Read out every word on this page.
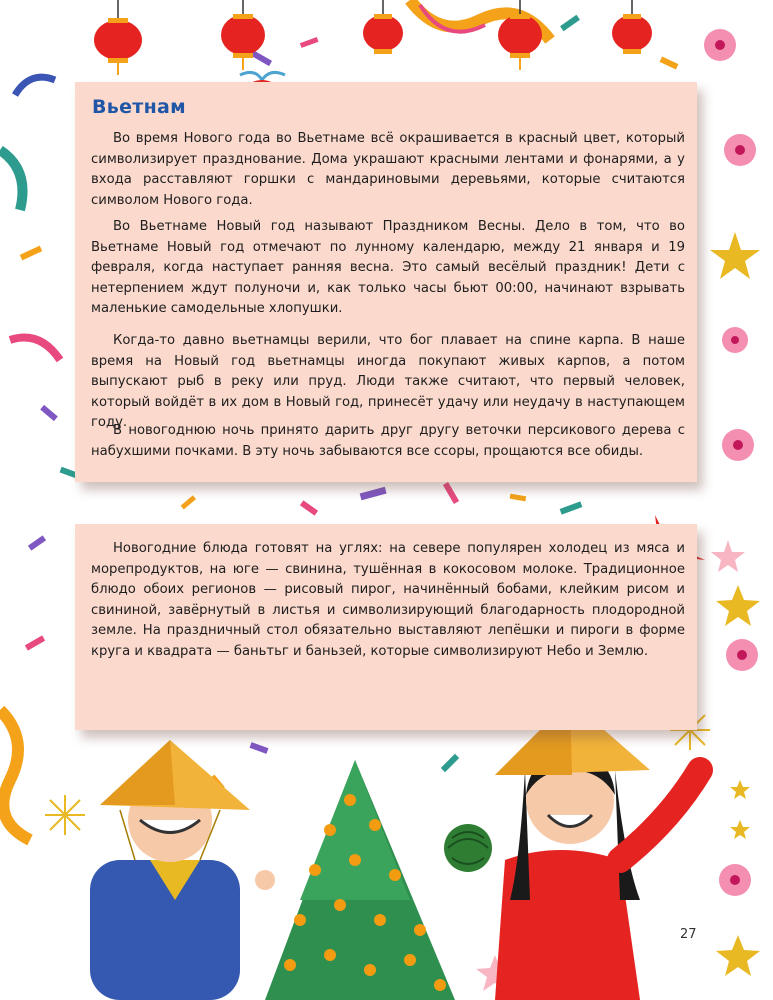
Вьетнам

Во время Нового года во Вьетнаме всё окрашивается в красный цвет, который символизирует празднование. Дома украшают красными лентами и фонарями, а у входа расставляют горшки с мандариновыми деревьями, которые считаются символом Нового года.

Во Вьетнаме Новый год называют Праздником Весны. Дело в том, что во Вьетнаме Новый год отмечают по лунному календарю, между 21 января и 19 февраля, когда наступает ранняя весна. Это самый весёлый праздник! Дети с нетерпением ждут полуночи и, как только часы бьют 00:00, начинают взрывать маленькие самодельные хлопушки.

Когда-то давно вьетнамцы верили, что бог плавает на спине карпа. В наше время на Новый год вьетнамцы иногда покупают живых карпов, а потом выпускают рыб в реку или пруд. Люди также считают, что первый человек, который войдёт в их дом в Новый год, принесёт удачу или неудачу в наступающем году.

В новогоднюю ночь принято дарить друг другу веточки персикового дерева с набухшими почками. В эту ночь забываются все ссоры, прощаются все обиды.

Новогодние блюда готовят на углях: на севере популярен холодец из мяса и морепродуктов, на юге — свинина, тушённая в кокосовом молоке. Традиционное блюдо обоих регионов — рисовый пирог, начинённый бобами, клейким рисом и свининой, завёрнутый в листья и символизирующий благодарность плодородной земле. На праздничный стол обязательно выставляют лепёшки и пироги в форме круга и квадрата — баньтьг и баньзей, которые символизируют Небо и Землю.

27
